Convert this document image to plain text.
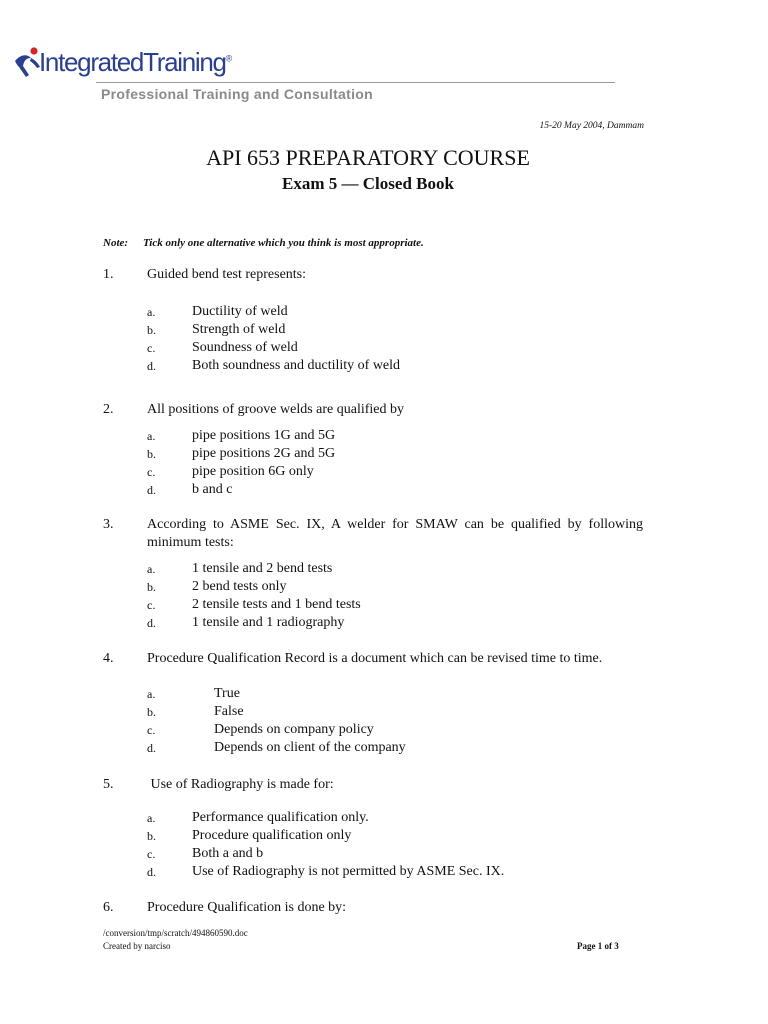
IntegratedTraining®
Professional Training and Consultation
15-20 May 2004, Dammam
API 653 PREPARATORY COURSE
Exam 5 — Closed Book
Note: Tick only one alternative which you think is most appropriate.
1. Guided bend test represents:
a.	Ductility of weld
b.	Strength of weld
c.	Soundness of weld
d.	Both soundness and ductility of weld
2. All positions of groove welds are qualified by
a.	pipe positions 1G and 5G
b.	pipe positions 2G and 5G
c.	pipe position 6G only
d.	b and c
3. According to ASME Sec. IX, A welder for SMAW can be qualified by following minimum tests:
a.	1 tensile and 2 bend tests
b.	2 bend tests only
c.	2 tensile tests and 1 bend tests
d.	1 tensile and 1 radiography
4. Procedure Qualification Record is a document which can be revised time to time.
a.	True
b.	False
c.	Depends on company policy
d.	Depends on client of the company
5. Use of Radiography is made for:
a.	Performance qualification only.
b.	Procedure qualification only
c.	Both a and b
d.	Use of Radiography is not permitted by ASME Sec. IX.
6. Procedure Qualification is done by:
/conversion/tmp/scratch/494860590.doc
Created by narciso	Page 1 of 3
